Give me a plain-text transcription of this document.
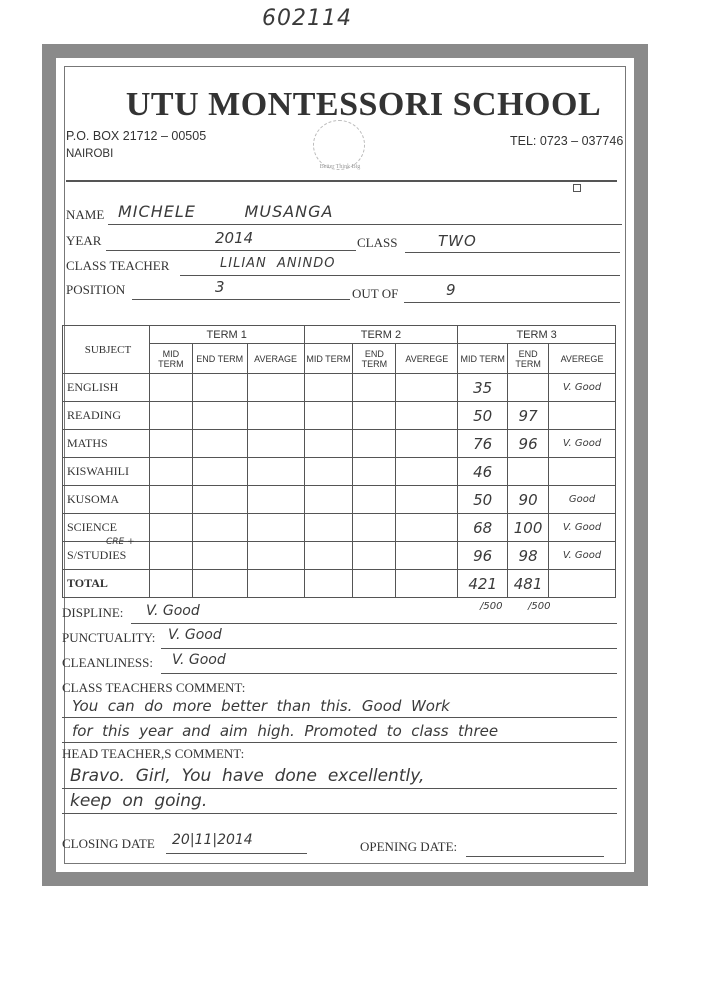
602114
UTU MONTESSORI SCHOOL
P.O. BOX 21712 – 00505
NAIROBI
TEL: 0723 – 037746
Better Think Big
NAME MICHELE        MUSANGA
YEAR	2014	CLASS	TWO
CLASS TEACHER	LILIAN  ANINDO
POSITION	3	OUT OF	9
SUBJECT	TERM 1			TERM 2			TERM 3		
	MID TERM	END TERM	AVERAGE	MID TERM	END TERM	AVEREGE	MID TERM	END TERM	AVEREGE
ENGLISH							35		V. Good
READING							50	97	
MATHS							76	96	V. Good
KISWAHILI							46		
KUSOMA							50	90	Good
SCIENCE							68	100	V. Good
S/STUDIES							96	98	V. Good
TOTAL							421	481	
CRE +
/500	/500
DISPLINE: V. Good
PUNCTUALITY: V. Good
CLEANLINESS: V. Good
CLASS TEACHERS COMMENT:
You  can  do  more  better  than  this.  Good  Work
for  this  year  and  aim  high.  Promoted  to  class  three
HEAD TEACHER,S COMMENT:
Bravo.  Girl,  You  have  done  excellently,
keep  on  going.
CLOSING DATE 20|11|2014	OPENING DATE:
